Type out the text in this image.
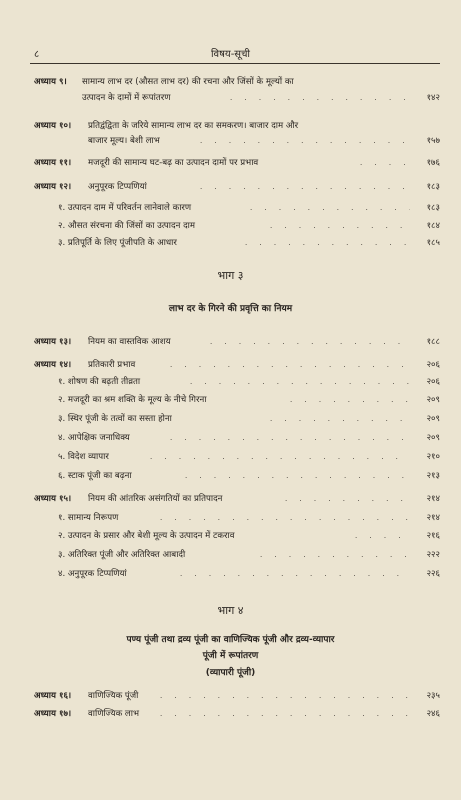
८	विषय-सूची
अध्याय ९। सामान्य लाभ दर (औसत लाभ दर) की रचना और जिंसों के मूल्यों का
उत्पादन के दामों में रूपांतरण . . .	१४२
अध्याय १०। प्रतिद्वंद्विता के जरिये सामान्य लाभ दर का समकरण। बाजार दाम और
बाजार मूल्य। बेशी लाभ . . .	१५७
अध्याय ११। मजदूरी की सामान्य घट-बढ़ का उत्पादन दामों पर प्रभाव . . .	१७६
अध्याय १२। अनुपूरक टिप्पणियां . . .	१८३
१. उत्पादन दाम में परिवर्तन लानेवाले कारण . . .	१८३
२. औसत संरचना की जिंसों का उत्पादन दाम . . .	१८४
३. प्रतिपूर्ति के लिए पूंजीपति के आधार . . .	१८५
भाग ३
लाभ दर के गिरने की प्रवृत्ति का नियम
अध्याय १३। नियम का वास्तविक आशय . . .	१८८
अध्याय १४। प्रतिकारी प्रभाव . . .	२०६
१. शोषण की बढ़ती तीव्रता . . .	२०६
२. मजदूरी का श्रम शक्ति के मूल्य के नीचे गिरना . . .	२०९
३. स्थिर पूंजी के तत्वों का सस्ता होना . . .	२०९
४. आपेक्षिक जनाधिक्य . . .	२०९
५. विदेश व्यापार . . .	२१०
६. स्टाक पूंजी का बढ़ना . . .	२१३
अध्याय १५। नियम की आंतरिक असंगतियों का प्रतिपादन . . .	२१४
१. सामान्य निरूपण . . .	२१४
२. उत्पादन के प्रसार और बेशी मूल्य के उत्पादन में टकराव . . .	२१६
३. अतिरिक्त पूंजी और अतिरिक्त आबादी . . .	२२२
४. अनुपूरक टिप्पणियां . . .	२२६
भाग ४
पण्य पूंजी तथा द्रव्य पूंजी का वाणिज्यिक पूंजी और द्रव्य-व्यापार
पूंजी में रूपांतरण
(व्यापारी पूंजी)
अध्याय १६। वाणिज्यिक पूंजी . . .	२३५
अध्याय १७। वाणिज्यिक लाभ . . .	२४६
